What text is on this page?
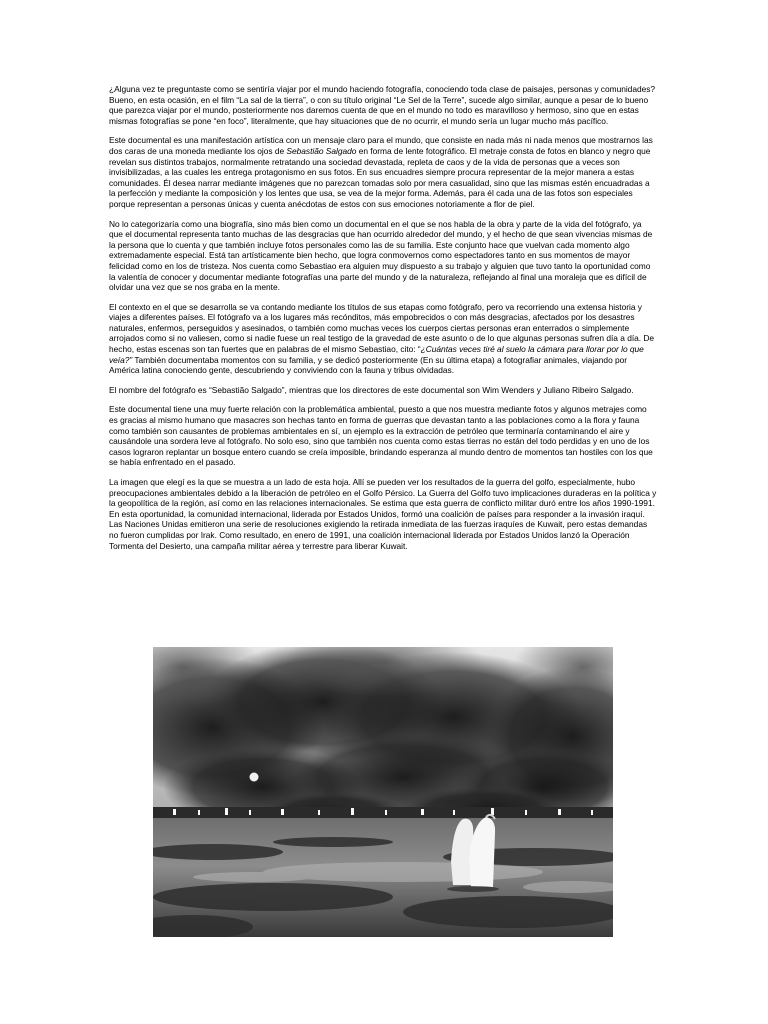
¿Alguna vez te preguntaste como se sentiría viajar por el mundo haciendo fotografía, conociendo toda clase de paisajes, personas y comunidades? Bueno, en esta ocasión, en el film “La sal de la tierra”, o con su título original “Le Sel de la Terre”, sucede algo similar, aunque a pesar de lo bueno que parezca viajar por el mundo, posteriormente nos daremos cuenta de que en el mundo no todo es maravilloso y hermoso, sino que en estas mismas fotografías se pone “en foco”, literalmente, que hay situaciones que de no ocurrir, el mundo sería un lugar mucho más pacífico.

Este documental es una manifestación artística con un mensaje claro para el mundo, que consiste en nada más ni nada menos que mostrarnos las dos caras de una moneda mediante los ojos de Sebastião Salgado en forma de lente fotográfico. El metraje consta de fotos en blanco y negro que revelan sus distintos trabajos, normalmente retratando una sociedad devastada, repleta de caos y de la vida de personas que a veces son invisibilizadas, a las cuales les entrega protagonismo en sus fotos. En sus encuadres siempre procura representar de la mejor manera a estas comunidades. Él desea narrar mediante imágenes que no parezcan tomadas solo por mera casualidad, sino que las mismas estén encuadradas a la perfección y mediante la composición y los lentes que usa, se vea de la mejor forma. Además, para él cada una de las fotos son especiales porque representan a personas únicas y cuenta anécdotas de estos con sus emociones notoriamente a flor de piel.

No lo categorizaría como una biografía, sino más bien como un documental en el que se nos habla de la obra y parte de la vida del fotógrafo, ya que el documental representa tanto muchas de las desgracias que han ocurrido alrededor del mundo, y el hecho de que sean vivencias mismas de la persona que lo cuenta y que también incluye fotos personales como las de su familia. Este conjunto hace que vuelvan cada momento algo extremadamente especial. Está tan artísticamente bien hecho, que logra conmovernos como espectadores tanto en sus momentos de mayor felicidad como en los de tristeza. Nos cuenta como Sebastiao era alguien muy dispuesto a su trabajo y alguien que tuvo tanto la oportunidad como la valentía de conocer y documentar mediante fotografías una parte del mundo y de la naturaleza, reflejando al final una moraleja que es difícil de olvidar una vez que se nos graba en la mente.

El contexto en el que se desarrolla se va contando mediante los títulos de sus etapas como fotógrafo, pero va recorriendo una extensa historia y viajes a diferentes países. El fotógrafo va a los lugares más recónditos, más empobrecidos o con más desgracias, afectados por los desastres naturales, enfermos, perseguidos y asesinados, o también como muchas veces los cuerpos ciertas personas eran enterrados o simplemente arrojados como si no valiesen, como si nadie fuese un real testigo de la gravedad de este asunto o de lo que algunas personas sufren día a día. De hecho, estas escenas son tan fuertes que en palabras de el mismo Sebastiao, cito: “¿Cuántas veces tiré al suelo la cámara para llorar por lo que veía?” También documentaba momentos con su familia, y se dedicó posteriormente (En su última etapa) a fotografiar animales, viajando por América latina conociendo gente, descubriendo y conviviendo con la fauna y tribus olvidadas.

El nombre del fotógrafo es “Sebastião Salgado”, mientras que los directores de este documental son Wim Wenders y Juliano Ribeiro Salgado.

Este documental tiene una muy fuerte relación con la problemática ambiental, puesto a que nos muestra mediante fotos y algunos metrajes como es gracias al mismo humano que masacres son hechas tanto en forma de guerras que devastan tanto a las poblaciones como a la flora y fauna como también son causantes de problemas ambientales en sí, un ejemplo es la extracción de petróleo que terminaría contaminando el aire y causándole una sordera leve al fotógrafo. No solo eso, sino que también nos cuenta como estas tierras no están del todo perdidas y en uno de los casos lograron replantar un bosque entero cuando se creía imposible, brindando esperanza al mundo dentro de momentos tan hostiles con los que se había enfrentado en el pasado.

La imagen que elegí es la que se muestra a un lado de esta hoja. Allí se pueden ver los resultados de la guerra del golfo, especialmente, hubo preocupaciones ambientales debido a la liberación de petróleo en el Golfo Pérsico. La Guerra del Golfo tuvo implicaciones duraderas en la política y la geopolítica de la región, así como en las relaciones internacionales. Se estima que esta guerra de conflicto militar duró entre los años 1990-1991. En esta oportunidad, la comunidad internacional, liderada por Estados Unidos, formó una coalición de países para responder a la invasión iraquí. Las Naciones Unidas emitieron una serie de resoluciones exigiendo la retirada inmediata de las fuerzas iraquíes de Kuwait, pero estas demandas no fueron cumplidas por Irak. Como resultado, en enero de 1991, una coalición internacional liderada por Estados Unidos lanzó la Operación Tormenta del Desierto, una campaña militar aérea y terrestre para liberar Kuwait.
